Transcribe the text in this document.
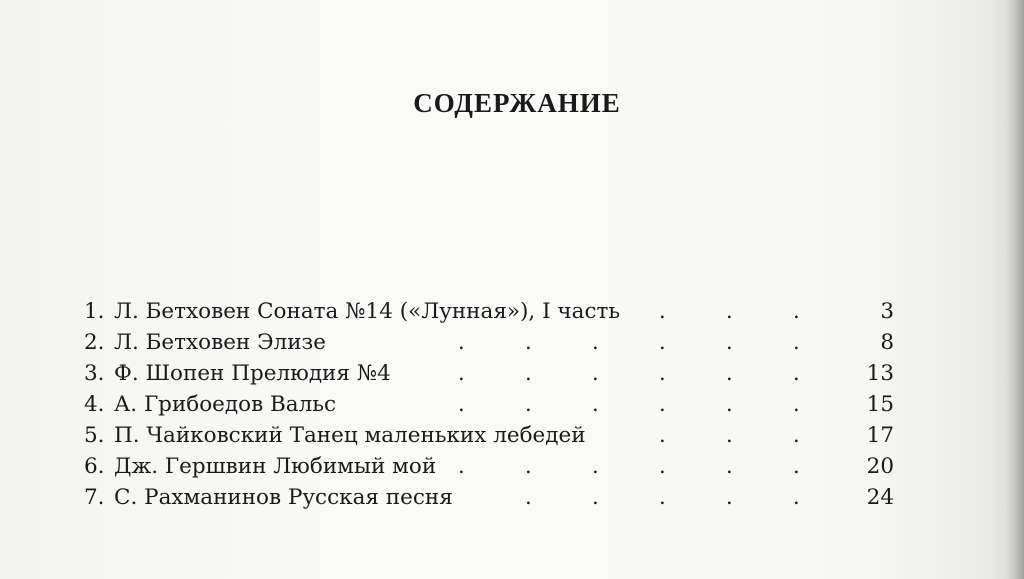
СОДЕРЖАНИЕ
1. Л. Бетховен Соната №14 («Лунная»), I часть	3
.	.	.
2. Л. Бетховен Элизе	8
.	.	.	.	.	.
3. Ф. Шопен Прелюдия №4	13
.	.	.	.	.	.
4. А. Грибоедов Вальс	15
.	.	.	.	.	.
5. П. Чайковский Танец маленьких лебедей	17
.	.	.
6. Дж. Гершвин Любимый мой	20
.	.	.	.	.	.
7. С. Рахманинов Русская песня	24
.	.	.	.	.
